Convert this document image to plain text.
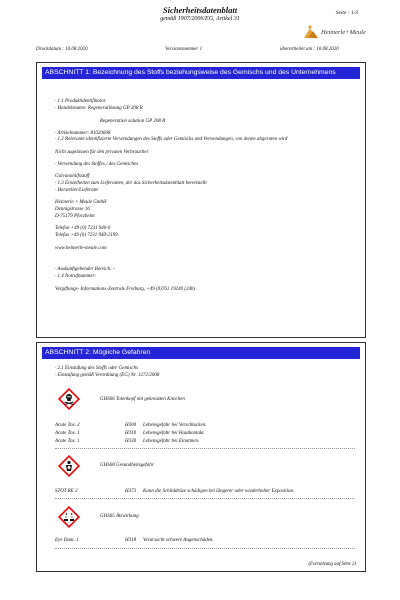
Sicherheitsdatenblatt
gemäß 1907/2006/EG, Artikel 31
Seite : 1/3
Heimerle+Meule
Druckdatum : 10.08.2020	Versionsnummer 1	überarbeitet am : 10.08.2020
ABSCHNITT 1: Bezeichnung des Stoffs beziehungsweise des Gemischs und des Unternehmens
· 1.1 Produktidentifikator
· Handelsname: Regeneratlösung GP 208 R
Regeneration solution GP 208 R
· Artikelnummer: 81020608
· 1.2 Relevante identifizierte Verwendungen des Stoffs oder Gemischs und Verwendungen, von denen abgeraten wird
Nicht zugelassen für den privaten Verbraucher.
· Verwendung des Stoffes / des Gemisches
Galvanohilfsstoff
· 1.3 Einzelheiten zum Lieferanten, der das Sicherheitsdatenblatt bereitstellt
· Hersteller/Lieferant:
Heimerle + Meule GmbH
Dennigstrasse 16
D-75179 Pforzheim
Telefon +49 (0) 7231 940-0
Telefax +49 (0) 7231 940-2199
www.heimerle-meule.com
· Auskunftgebender Bereich: -
· 1.4 Notrufnummer:
Vergiftungs- Informations-Zentrale Freiburg, +49 (0)761 19240 (24h)
ABSCHNITT 2: Mögliche Gefahren
· 2.1 Einstufung des Stoffs oder Gemischs
· Einstufung gemäß Verordnung (EG) Nr. 1272/2008
GHS06 Totenkopf mit gekreuzten Knochen
Acute Tox. 2	H300 Lebensgefahr bei Verschlucken.
Acute Tox. 1	H310 Lebensgefahr bei Hautkontakt.
Acute Tox. 1	H330 Lebensgefahr bei Einatmen.
GHS08 Gesundheitsgefahr
STOT RE 2	H373 Kann die Schilddrüse schädigen bei längerer oder wiederholter Exposition.
GHS05 Ätzwirkung
Eye Dam. 1	H318 Verursacht schwere Augenschäden.
(Fortsetzung auf Seite 2)
